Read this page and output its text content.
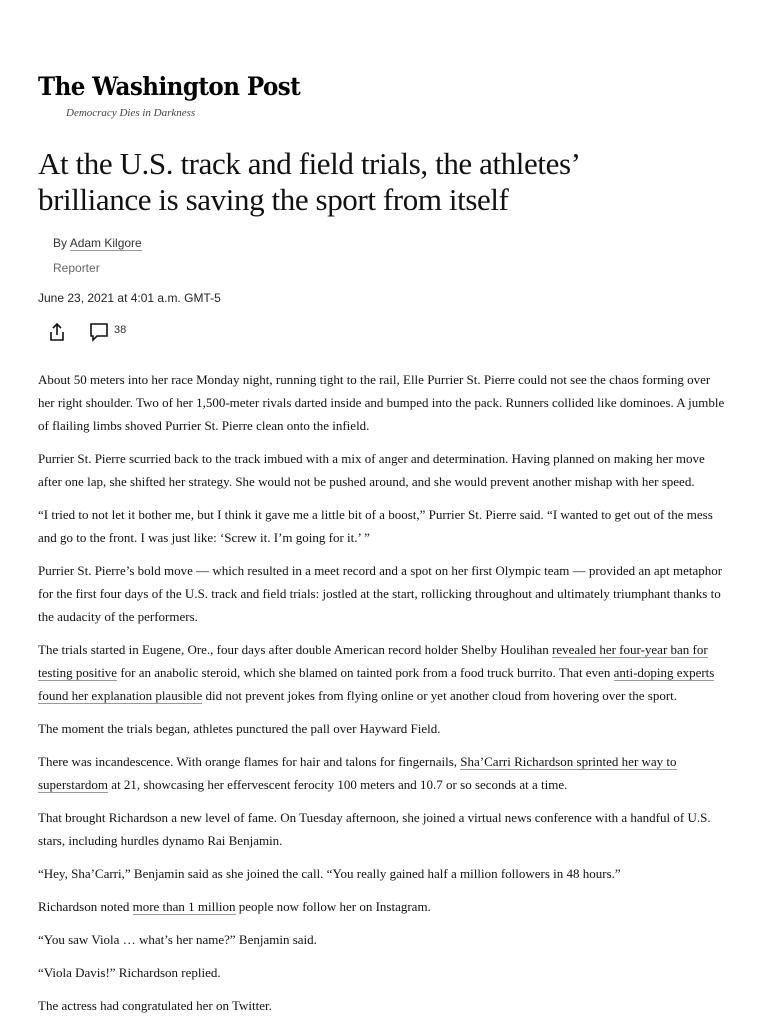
The Washington Post
Democracy Dies in Darkness
At the U.S. track and field trials, the athletes’ brilliance is saving the sport from itself
By Adam Kilgore
Reporter
June 23, 2021 at 4:01 a.m. GMT-5
38

About 50 meters into her race Monday night, running tight to the rail, Elle Purrier St. Pierre could not see the chaos forming over her right shoulder. Two of her 1,500-meter rivals darted inside and bumped into the pack. Runners collided like dominoes. A jumble of flailing limbs shoved Purrier St. Pierre clean onto the infield.

Purrier St. Pierre scurried back to the track imbued with a mix of anger and determination. Having planned on making her move after one lap, she shifted her strategy. She would not be pushed around, and she would prevent another mishap with her speed.

“I tried to not let it bother me, but I think it gave me a little bit of a boost,” Purrier St. Pierre said. “I wanted to get out of the mess and go to the front. I was just like: ‘Screw it. I’m going for it.’ ”

Purrier St. Pierre’s bold move — which resulted in a meet record and a spot on her first Olympic team — provided an apt metaphor for the first four days of the U.S. track and field trials: jostled at the start, rollicking throughout and ultimately triumphant thanks to the audacity of the performers.

The trials started in Eugene, Ore., four days after double American record holder Shelby Houlihan revealed her four-year ban for testing positive for an anabolic steroid, which she blamed on tainted pork from a food truck burrito. That even anti-doping experts found her explanation plausible did not prevent jokes from flying online or yet another cloud from hovering over the sport.

The moment the trials began, athletes punctured the pall over Hayward Field.

There was incandescence. With orange flames for hair and talons for fingernails, Sha’Carri Richardson sprinted her way to superstardom at 21, showcasing her effervescent ferocity 100 meters and 10.7 or so seconds at a time.

That brought Richardson a new level of fame. On Tuesday afternoon, she joined a virtual news conference with a handful of U.S. stars, including hurdles dynamo Rai Benjamin.

“Hey, Sha’Carri,” Benjamin said as she joined the call. “You really gained half a million followers in 48 hours.”

Richardson noted more than 1 million people now follow her on Instagram.

“You saw Viola … what’s her name?” Benjamin said.

“Viola Davis!” Richardson replied.

The actress had congratulated her on Twitter.
